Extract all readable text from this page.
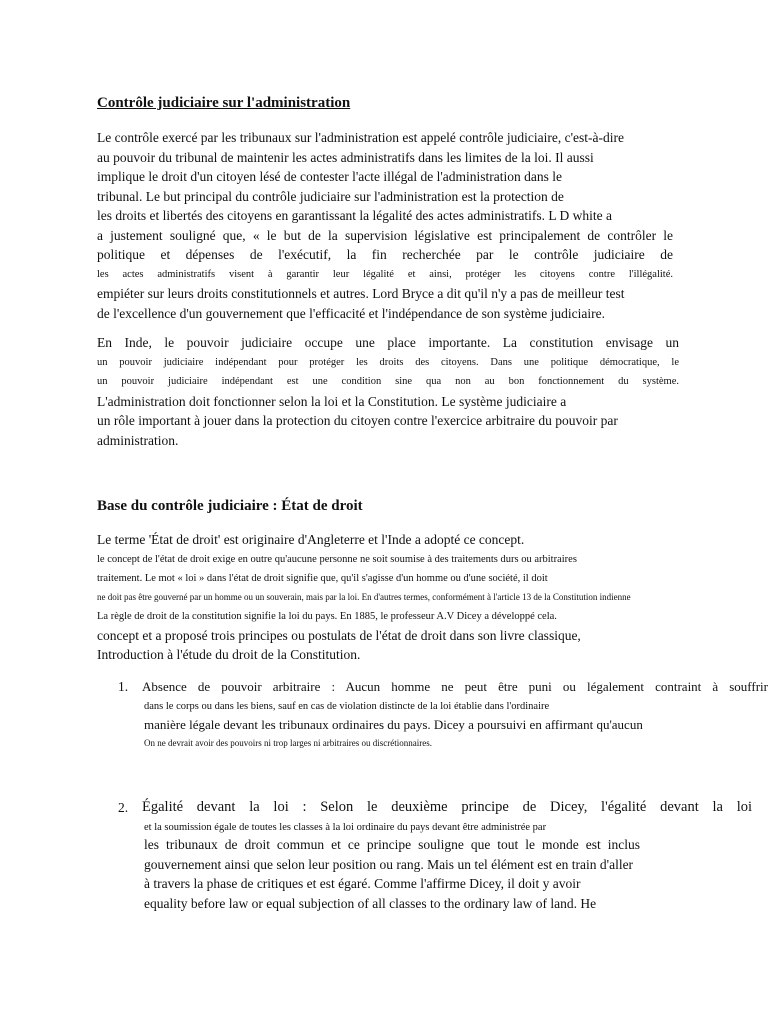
Contrôle judiciaire sur l'administration
Le contrôle exercé par les tribunaux sur l'administration est appelé contrôle judiciaire, c'est-à-dire
au pouvoir du tribunal de maintenir les actes administratifs dans les limites de la loi. Il aussi
implique le droit d'un citoyen lésé de contester l'acte illégal de l'administration dans le
tribunal. Le but principal du contrôle judiciaire sur l'administration est la protection de
les droits et libertés des citoyens en garantissant la légalité des actes administratifs. L D white a
a justement souligné que, « le but de la supervision législative est principalement de contrôler le
politique et dépenses de l'exécutif, la fin recherchée par le contrôle judiciaire de
les actes administratifs visent à garantir leur légalité et ainsi, protéger les citoyens contre l'illégalité.
empiéter sur leurs droits constitutionnels et autres. Lord Bryce a dit qu'il n'y a pas de meilleur test
de l'excellence d'un gouvernement que l'efficacité et l'indépendance de son système judiciaire.
En Inde, le pouvoir judiciaire occupe une place importante. La constitution envisage un
un pouvoir judiciaire indépendant pour protéger les droits des citoyens. Dans une politique démocratique, le
un pouvoir judiciaire indépendant est une condition sine qua non au bon fonctionnement du système.
L'administration doit fonctionner selon la loi et la Constitution. Le système judiciaire a
un rôle important à jouer dans la protection du citoyen contre l'exercice arbitraire du pouvoir par
administration.
Base du contrôle judiciaire : État de droit
Le terme 'État de droit' est originaire d'Angleterre et l'Inde a adopté ce concept.
le concept de l'état de droit exige en outre qu'aucune personne ne soit soumise à des traitements durs ou arbitraires
traitement. Le mot « loi » dans l'état de droit signifie que, qu'il s'agisse d'un homme ou d'une société, il doit
ne doit pas être gouverné par un homme ou un souverain, mais par la loi. En d'autres termes, conformément à l'article 13 de la Constitution indienne
La règle de droit de la constitution signifie la loi du pays. En 1885, le professeur A.V Dicey a développé cela.
concept et a proposé trois principes ou postulats de l'état de droit dans son livre classique,
Introduction à l'étude du droit de la Constitution.
1. Absence de pouvoir arbitraire : Aucun homme ne peut être puni ou légalement contraint à souffrir
dans le corps ou dans les biens, sauf en cas de violation distincte de la loi établie dans l'ordinaire
manière légale devant les tribunaux ordinaires du pays. Dicey a poursuivi en affirmant qu'aucun
On ne devrait avoir des pouvoirs ni trop larges ni arbitraires ou discrétionnaires.
2. Égalité devant la loi : Selon le deuxième principe de Dicey, l'égalité devant la loi
et la soumission égale de toutes les classes à la loi ordinaire du pays devant être administrée par
les tribunaux de droit commun et ce principe souligne que tout le monde est inclus
gouvernement ainsi que selon leur position ou rang. Mais un tel élément est en train d'aller
à travers la phase de critiques et est égaré. Comme l'affirme Dicey, il doit y avoir
equality before law or equal subjection of all classes to the ordinary law of land. He
